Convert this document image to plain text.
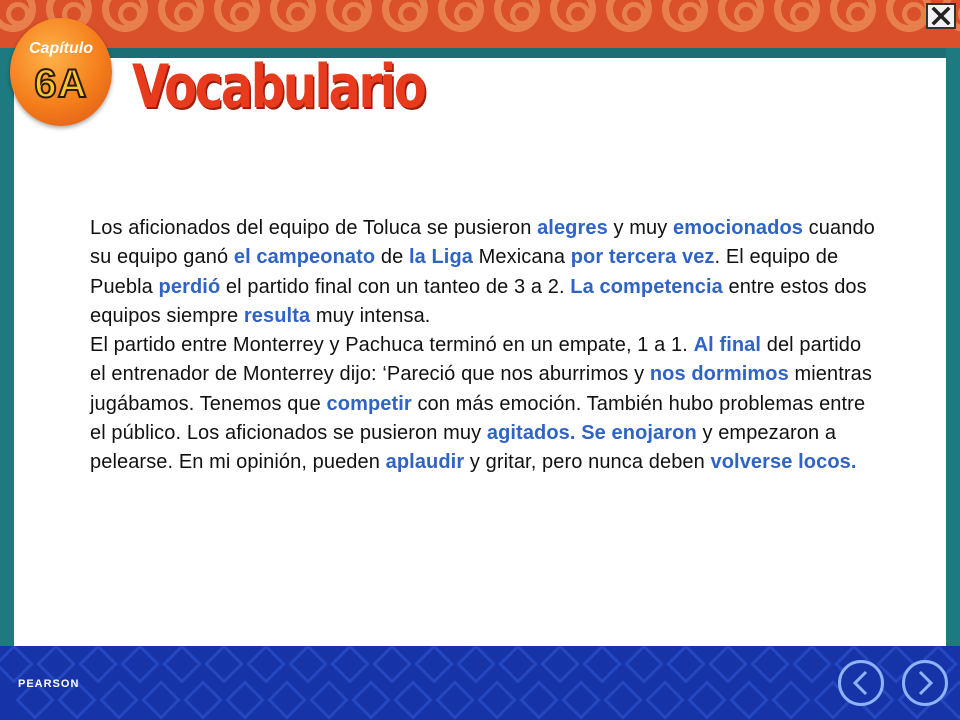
Capítulo
6A Vocabulario

Los aficionados del equipo de Toluca se pusieron alegres y muy emocionados cuando su equipo ganó el campeonato de la Liga Mexicana por tercera vez. El equipo de Puebla perdió el partido final con un tanteo de 3 a 2. La competencia entre estos dos equipos siempre resulta muy intensa.

El partido entre Monterrey y Pachuca terminó en un empate, 1 a 1. Al final del partido el entrenador de Monterrey dijo: ‘Pareció que nos aburrimos y nos dormimos mientras jugábamos. Tenemos que competir con más emoción. También hubo problemas entre el público. Los aficionados se pusieron muy agitados. Se enojaron y empezaron a pelearse. En mi opinión, pueden aplaudir y gritar, pero nunca deben volverse locos.

PEARSON
